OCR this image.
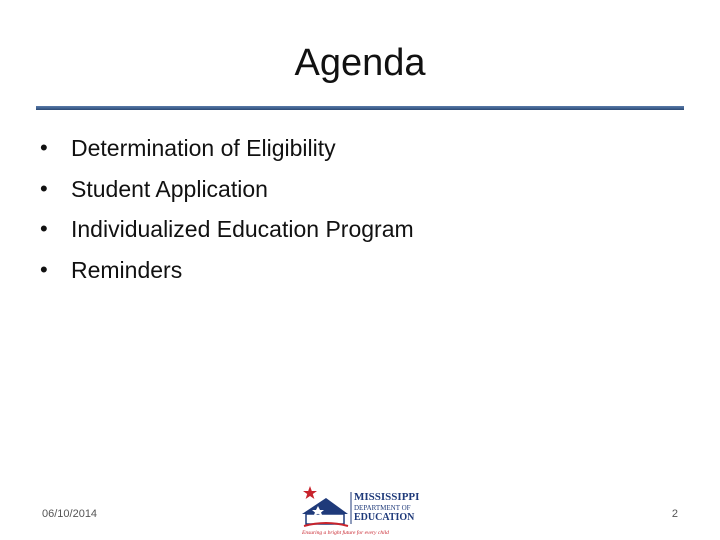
Agenda
• Determination of Eligibility
• Student Application
• Individualized Education Program
• Reminders
06/10/2014
MISSISSIPPI
DEPARTMENT OF
EDUCATION
Ensuring a bright future for every child
2
